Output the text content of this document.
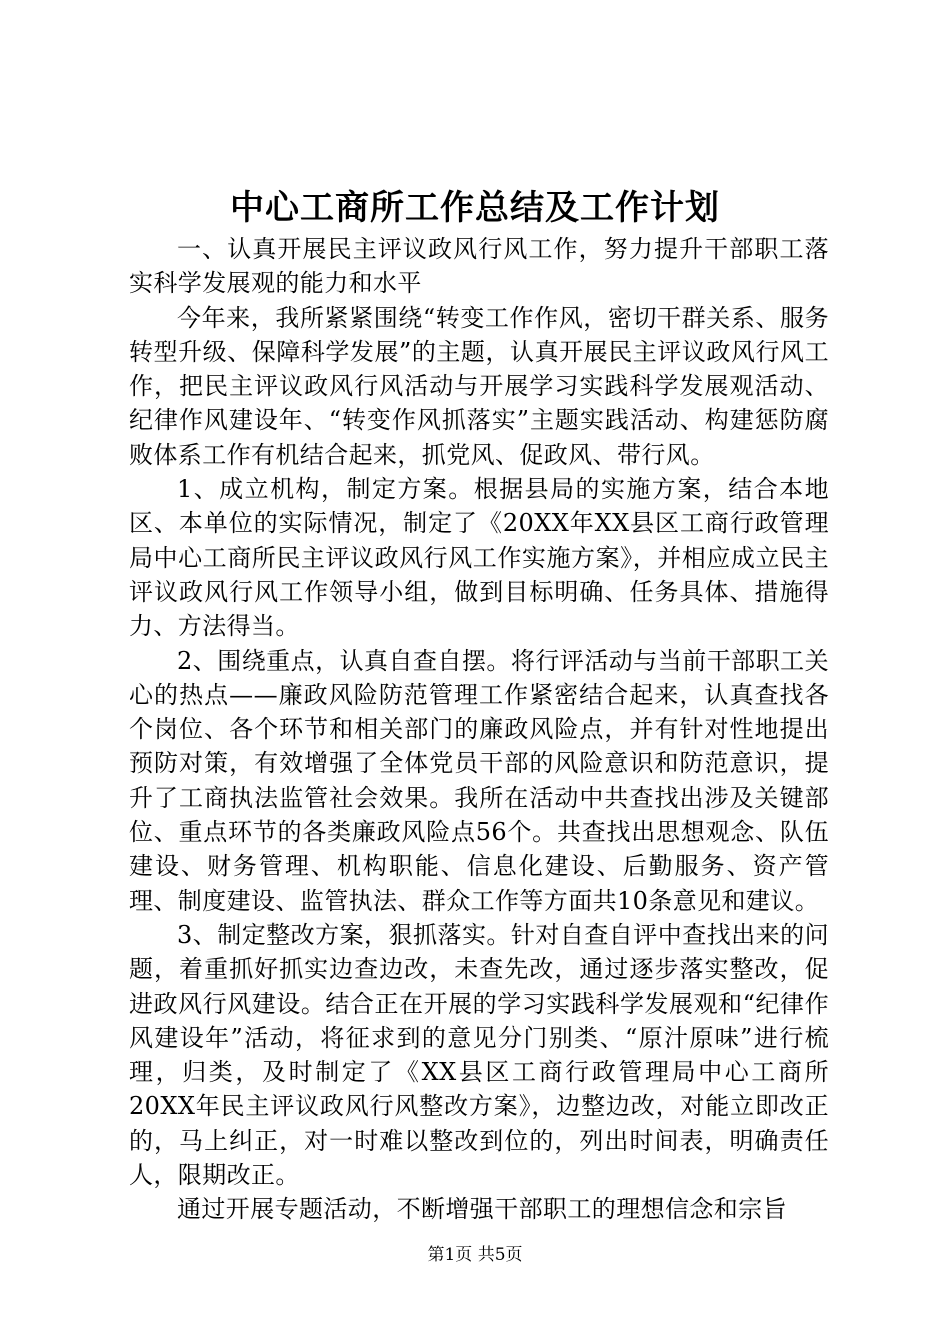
中心工商所工作总结及工作计划

一、认真开展民主评议政风行风工作，努力提升干部职工落实科学发展观的能力和水平

今年来，我所紧紧围绕“转变工作作风，密切干群关系、服务转型升级、保障科学发展”的主题，认真开展民主评议政风行风工作，把民主评议政风行风活动与开展学习实践科学发展观活动、纪律作风建设年、“转变作风抓落实”主题实践活动、构建惩防腐败体系工作有机结合起来，抓党风、促政风、带行风。

1、成立机构，制定方案。根据县局的实施方案，结合本地区、本单位的实际情况，制定了《20XX年XX县区工商行政管理局中心工商所民主评议政风行风工作实施方案》，并相应成立民主评议政风行风工作领导小组，做到目标明确、任务具体、措施得力、方法得当。

2、围绕重点，认真自查自摆。将行评活动与当前干部职工关心的热点——廉政风险防范管理工作紧密结合起来，认真查找各个岗位、各个环节和相关部门的廉政风险点，并有针对性地提出预防对策，有效增强了全体党员干部的风险意识和防范意识，提升了工商执法监管社会效果。我所在活动中共查找出涉及关键部位、重点环节的各类廉政风险点56个。共查找出思想观念、队伍建设、财务管理、机构职能、信息化建设、后勤服务、资产管理、制度建设、监管执法、群众工作等方面共10条意见和建议。

3、制定整改方案，狠抓落实。针对自查自评中查找出来的问题，着重抓好抓实边查边改，未查先改，通过逐步落实整改，促进政风行风建设。结合正在开展的学习实践科学发展观和“纪律作风建设年”活动，将征求到的意见分门别类、“原汁原味”进行梳理，归类，及时制定了《XX县区工商行政管理局中心工商所20XX年民主评议政风行风整改方案》，边整边改，对能立即改正的，马上纠正，对一时难以整改到位的，列出时间表，明确责任人，限期改正。

通过开展专题活动，不断增强干部职工的理想信念和宗旨

第1页 共5页
